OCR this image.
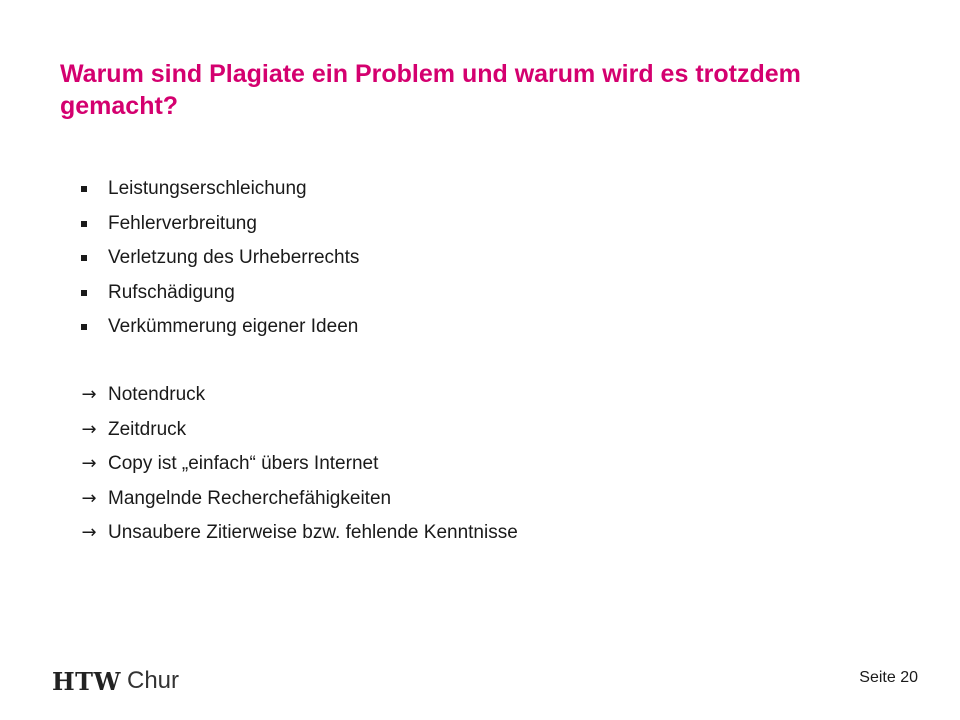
Warum sind Plagiate ein Problem und warum wird es trotzdem gemacht?
Leistungserschleichung
Fehlerverbreitung
Verletzung des Urheberrechts
Rufschädigung
Verkümmerung eigener Ideen
→ Notendruck
→ Zeitdruck
→ Copy ist „einfach“ übers Internet
→ Mangelnde Recherchefähigkeiten
→ Unsaubere Zitierweise bzw. fehlende Kenntnisse
HTW Chur	Seite 20
